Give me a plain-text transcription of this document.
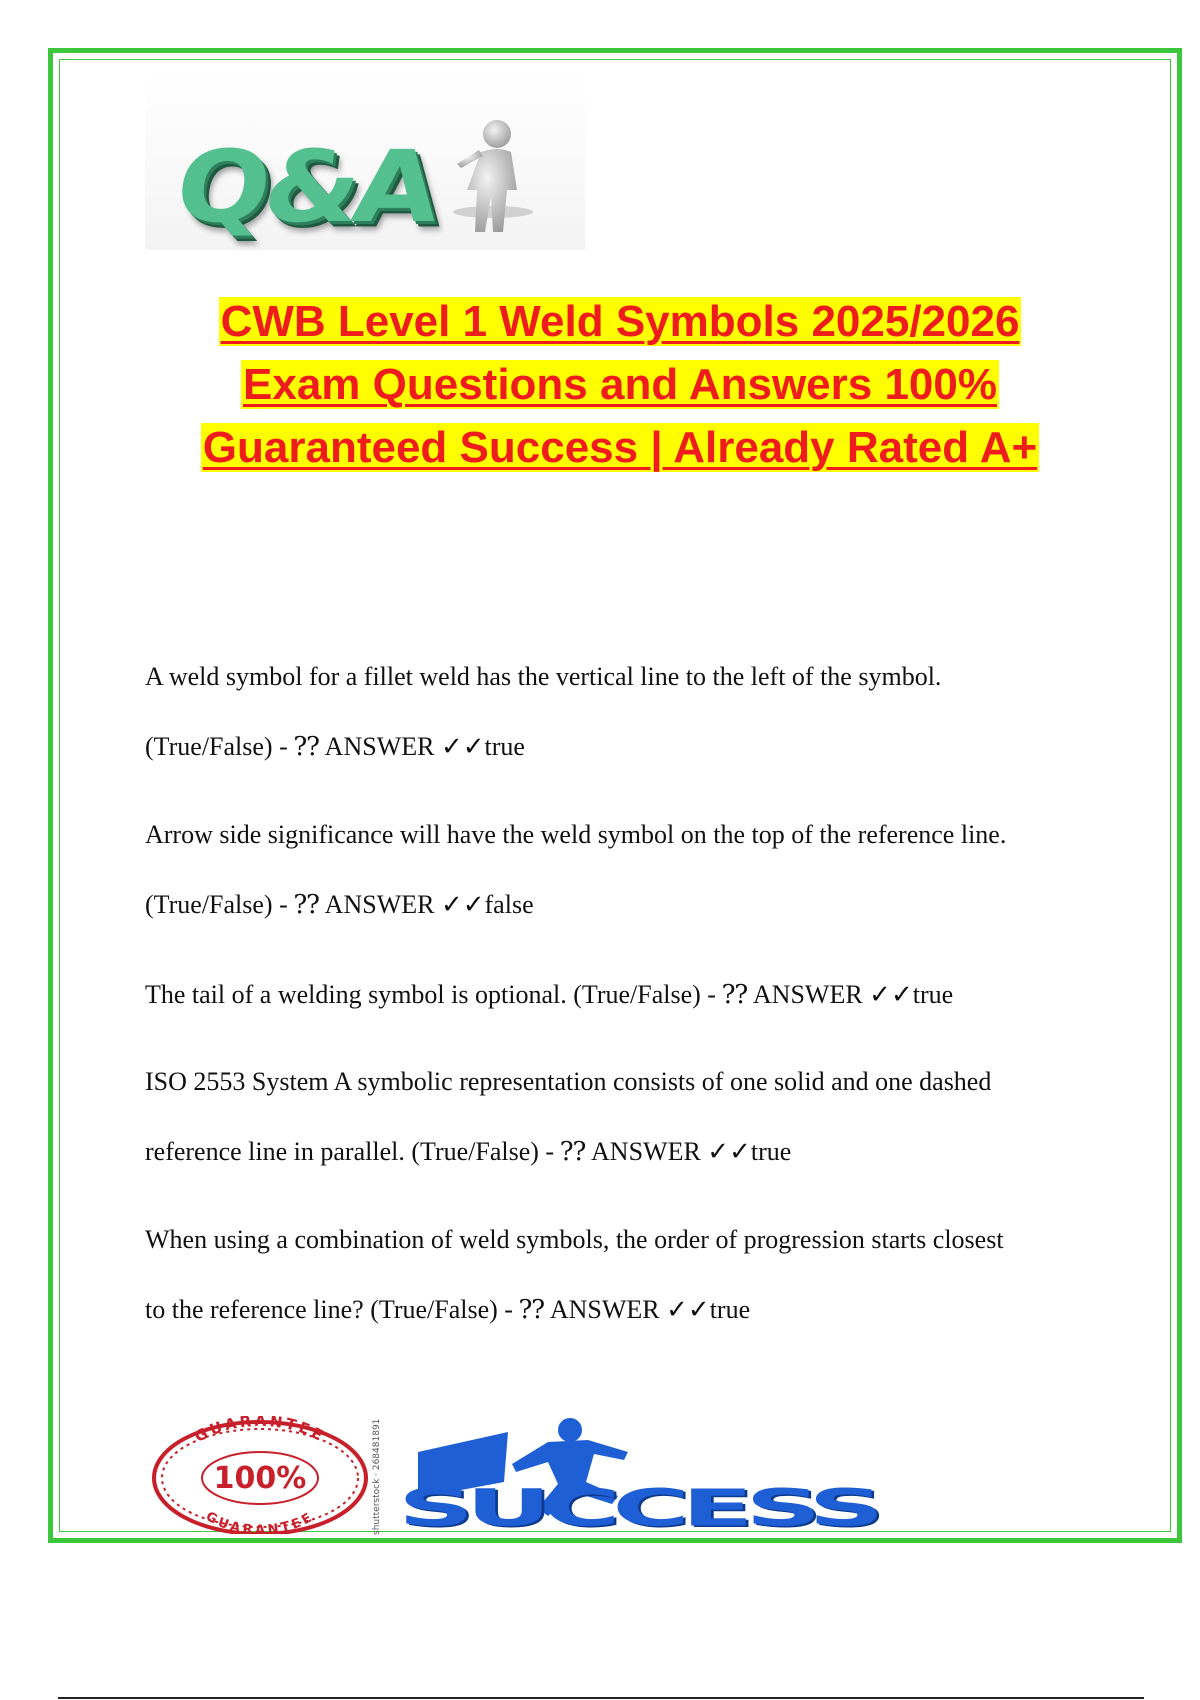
Q&A
CWB Level 1 Weld Symbols 2025/2026
Exam Questions and Answers 100%
Guaranteed Success | Already Rated A+
A weld symbol for a fillet weld has the vertical line to the left of the symbol.
(True/False) - ⁇ ANSWER ✓✓true
Arrow side significance will have the weld symbol on the top of the reference line.
(True/False) - ⁇ ANSWER ✓✓false
The tail of a welding symbol is optional. (True/False) - ⁇ ANSWER ✓✓true
ISO 2553 System A symbolic representation consists of one solid and one dashed
reference line in parallel. (True/False) - ⁇ ANSWER ✓✓true
When using a combination of weld symbols, the order of progression starts closest
to the reference line? (True/False) - ⁇ ANSWER ✓✓true
GUARANTEE
GUARANTEE
100%	shutterstock · 268481891 SUCCESS
